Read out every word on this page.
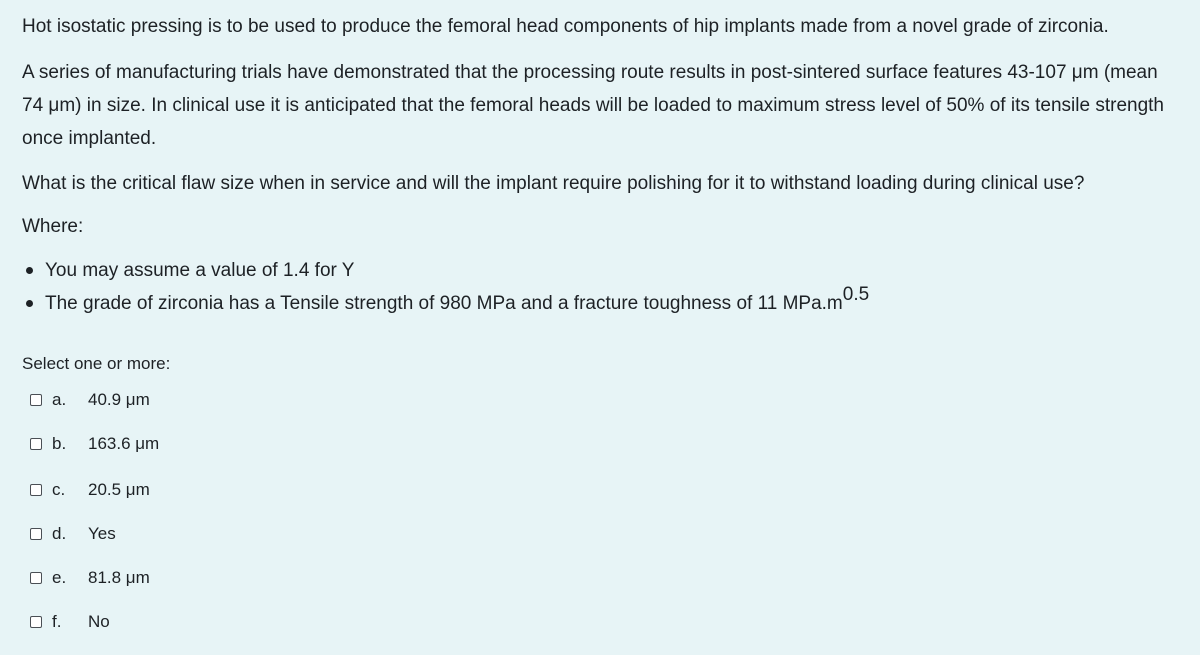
Hot isostatic pressing is to be used to produce the femoral head components of hip implants made from a novel grade of zirconia.

A series of manufacturing trials have demonstrated that the processing route results in post-sintered surface features 43-107 μm (mean 74 μm) in size. In clinical use it is anticipated that the femoral heads will be loaded to maximum stress level of 50% of its tensile strength once implanted.

What is the critical flaw size when in service and will the implant require polishing for it to withstand loading during clinical use?

Where:

You may assume a value of 1.4 for Y
The grade of zirconia has a Tensile strength of 980 MPa and a fracture toughness of 11 $MPa.m^{0.5}$
Select one or more:
a.	40.9 μm
b.	163.6 μm
c.	20.5 μm
d.	Yes
e.	81.8 μm
f.	No
